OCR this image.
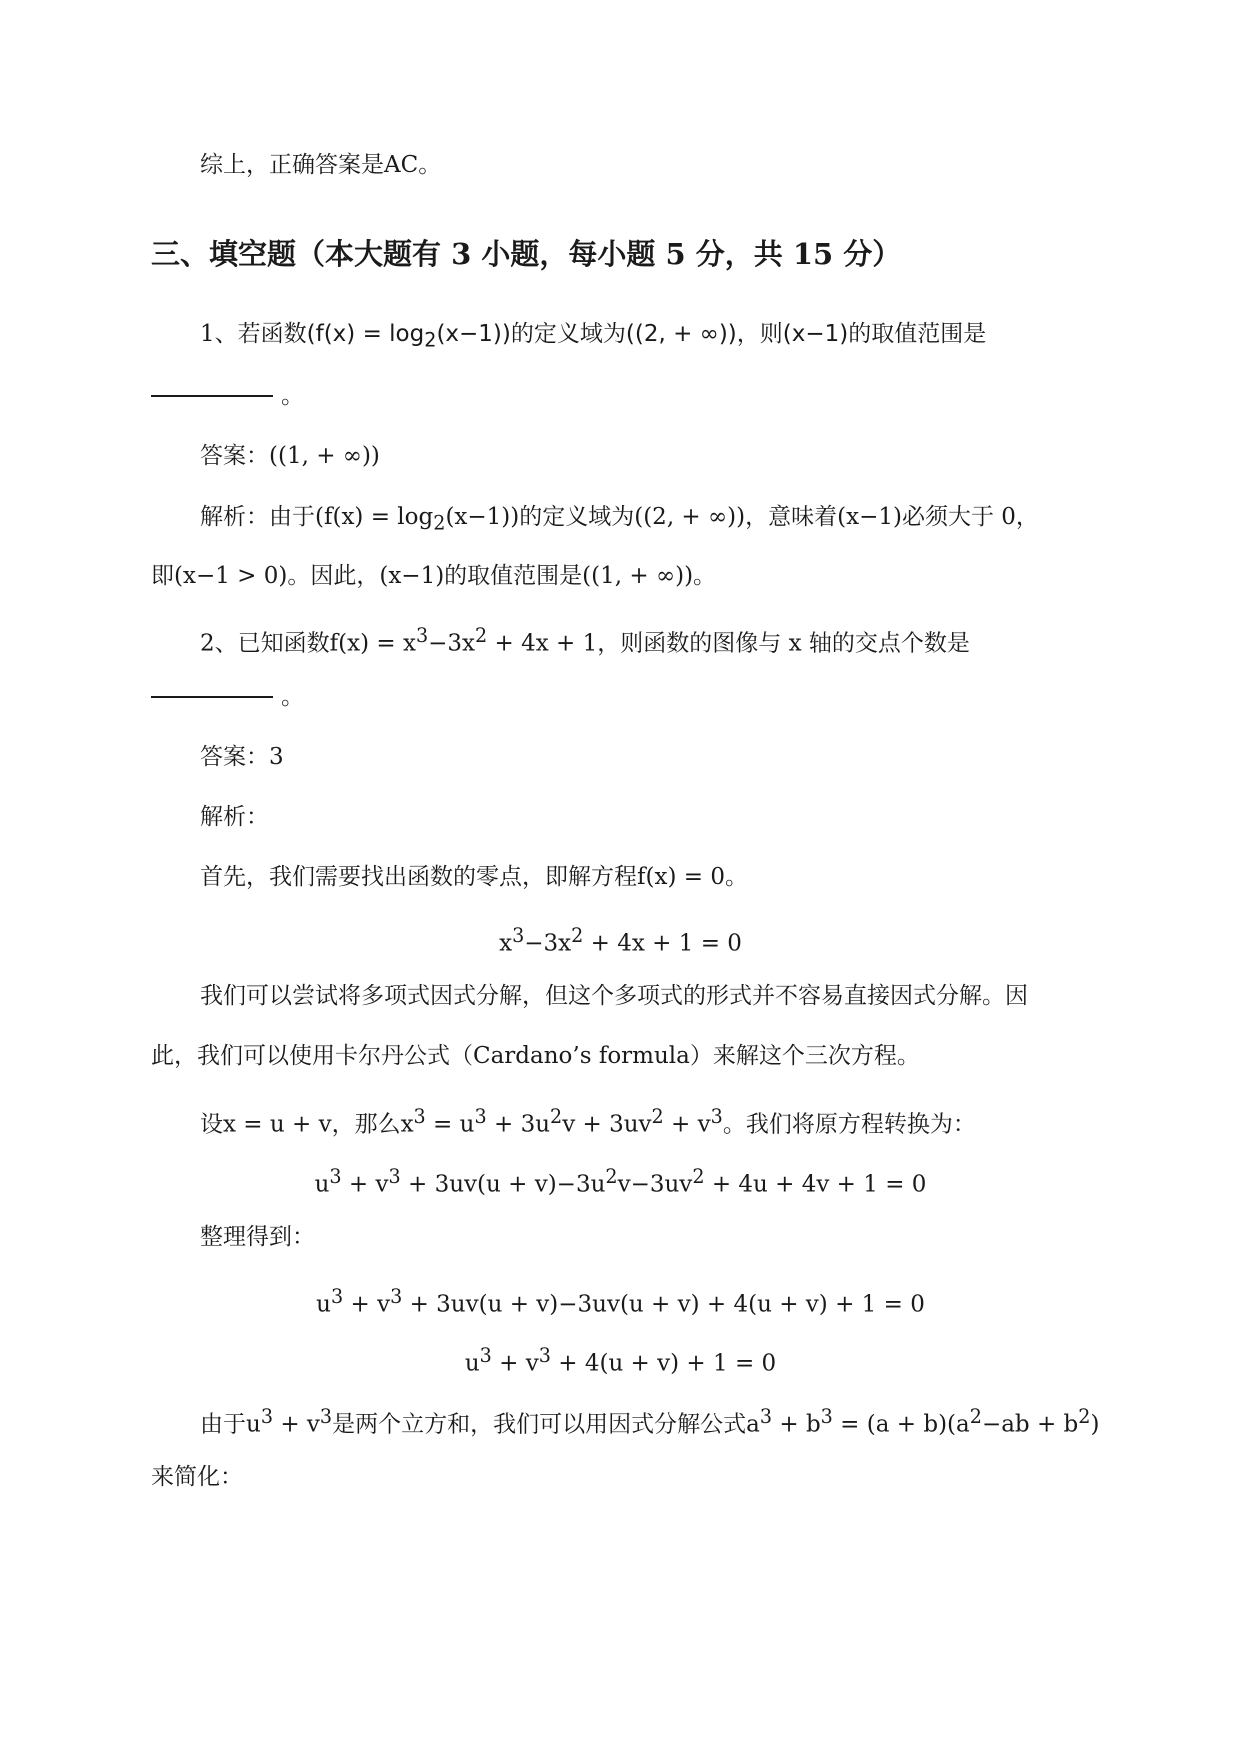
综上，正确答案是AC。
三、填空题（本大题有 3 小题，每小题 5 分，共 15 分）
1、若函数$(f(x) = \log_2(x-1))$的定义域为((2, + ∞))，则(x−1)的取值范围是
。
答案：((1, + ∞))
解析：由于$(f(x) = \log_2(x-1))$的定义域为((2, + ∞))，意味着(x−1)必须大于 0，
即(x−1 > 0)。因此，(x−1)的取值范围是((1, + ∞))。
2、已知函数$f(x) = x^3-3x^2 + 4x + 1$，则函数的图像与 x 轴的交点个数是
。
答案：3
解析：
首先，我们需要找出函数的零点，即解方程f(x) = 0。
$x^3-3x^2 + 4x + 1 = 0$
我们可以尝试将多项式因式分解，但这个多项式的形式并不容易直接因式分解。因
此，我们可以使用卡尔丹公式（Cardano’s formula）来解这个三次方程。
设x = u + v，那么$x^3 = u^3 + 3u^2v + 3uv^2 + v^3$。我们将原方程转换为：
$u^3 + v^3 + 3uv(u + v)-3u^2v-3uv^2 + 4u + 4v + 1 = 0$
整理得到：
$u^3 + v^3 + 3uv(u + v)-3uv(u + v) + 4(u + v) + 1 = 0$
$u^3 + v^3 + 4(u + v) + 1 = 0$
由于$u^3 + v^3$是两个立方和，我们可以用因式分解公式$a^3 + b^3 = (a + b)(a^2-ab + b^2)$
来简化：
